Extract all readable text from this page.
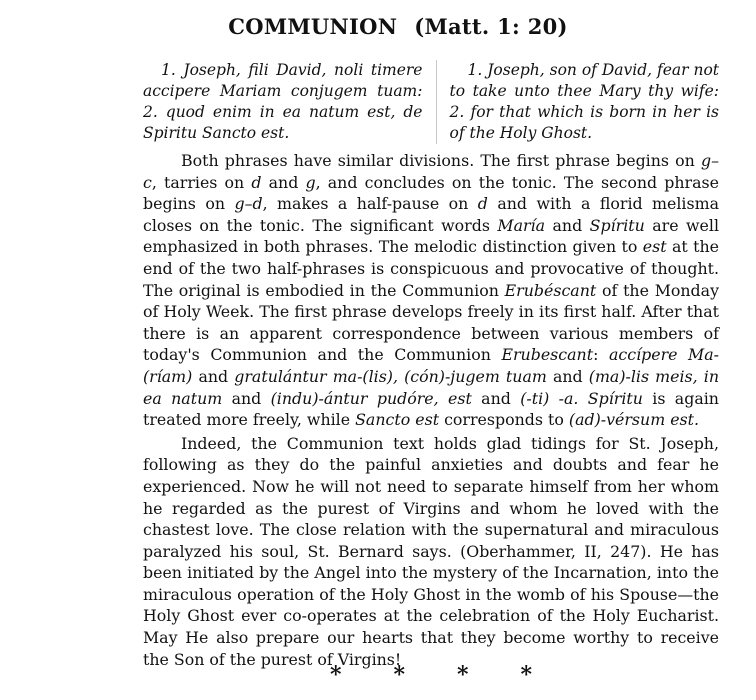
COMMUNION (Matt. 1: 20)

1. Joseph, fili David, noli timere accipere Mariam conjugem tuam: 2. quod enim in ea natum est, de Spiritu Sancto est.

1. Joseph, son of David, fear not to take unto thee Mary thy wife: 2. for that which is born in her is of the Holy Ghost.

Both phrases have similar divisions. The first phrase begins on g–c, tarries on d and g, and concludes on the tonic. The second phrase begins on g–d, makes a half-pause on d and with a florid melisma closes on the tonic. The significant words María and Spíritu are well emphasized in both phrases. The melodic distinction given to est at the end of the two half-phrases is conspicuous and provocative of thought. The original is embodied in the Communion Erubéscant of the Monday of Holy Week. The first phrase develops freely in its first half. After that there is an apparent correspondence between various members of today's Communion and the Communion Erubescant: accípere Ma-(ríam) and gratulántur ma-(lis), (cón)-jugem tuam and (ma)-lis meis, in ea natum and (indu)-ántur pudóre, est and (-ti) -a. Spíritu is again treated more freely, while Sancto est corresponds to (ad)-vérsum est.

Indeed, the Communion text holds glad tidings for St. Joseph, following as they do the painful anxieties and doubts and fear he experienced. Now he will not need to separate himself from her whom he regarded as the purest of Virgins and whom he loved with the chastest love. The close relation with the supernatural and miraculous paralyzed his soul, St. Bernard says. (Oberhammer, II, 247). He has been initiated by the Angel into the mystery of the Incarnation, into the miraculous operation of the Holy Ghost in the womb of his Spouse—the Holy Ghost ever co-operates at the celebration of the Holy Eucharist. May He also prepare our hearts that they become worthy to receive the Son of the purest of Virgins!

* * * *
